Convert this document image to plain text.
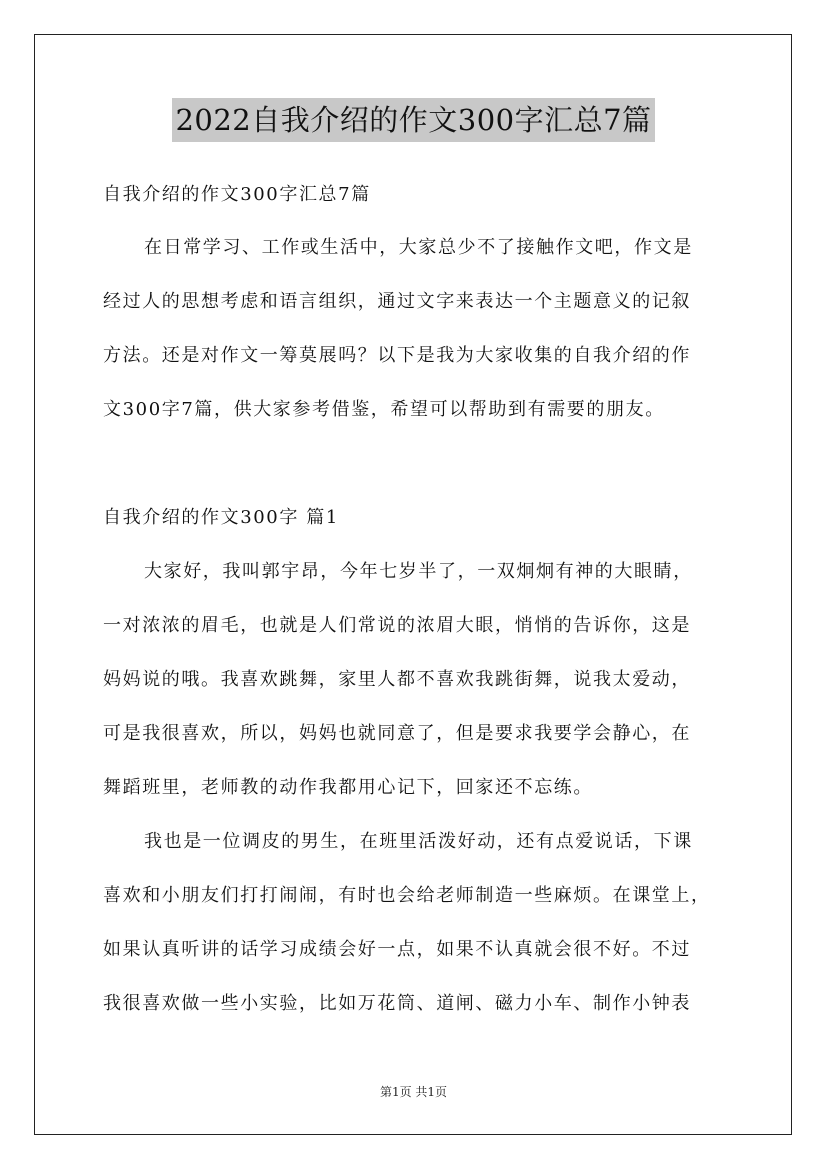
2022自我介绍的作文300字汇总7篇
自我介绍的作文300字汇总7篇
在日常学习、工作或生活中，大家总少不了接触作文吧，作文是
经过人的思想考虑和语言组织，通过文字来表达一个主题意义的记叙
方法。还是对作文一筹莫展吗？以下是我为大家收集的自我介绍的作
文300字7篇，供大家参考借鉴，希望可以帮助到有需要的朋友。
自我介绍的作文300字 篇1
大家好，我叫郭宇昂，今年七岁半了，一双炯炯有神的大眼睛，
一对浓浓的眉毛，也就是人们常说的浓眉大眼，悄悄的告诉你，这是
妈妈说的哦。我喜欢跳舞，家里人都不喜欢我跳街舞，说我太爱动，
可是我很喜欢，所以，妈妈也就同意了，但是要求我要学会静心，在
舞蹈班里，老师教的动作我都用心记下，回家还不忘练。
我也是一位调皮的男生，在班里活泼好动，还有点爱说话，下课
喜欢和小朋友们打打闹闹，有时也会给老师制造一些麻烦。在课堂上，
如果认真听讲的话学习成绩会好一点，如果不认真就会很不好。不过
我很喜欢做一些小实验，比如万花筒、道闸、磁力小车、制作小钟表
第1页 共1页
